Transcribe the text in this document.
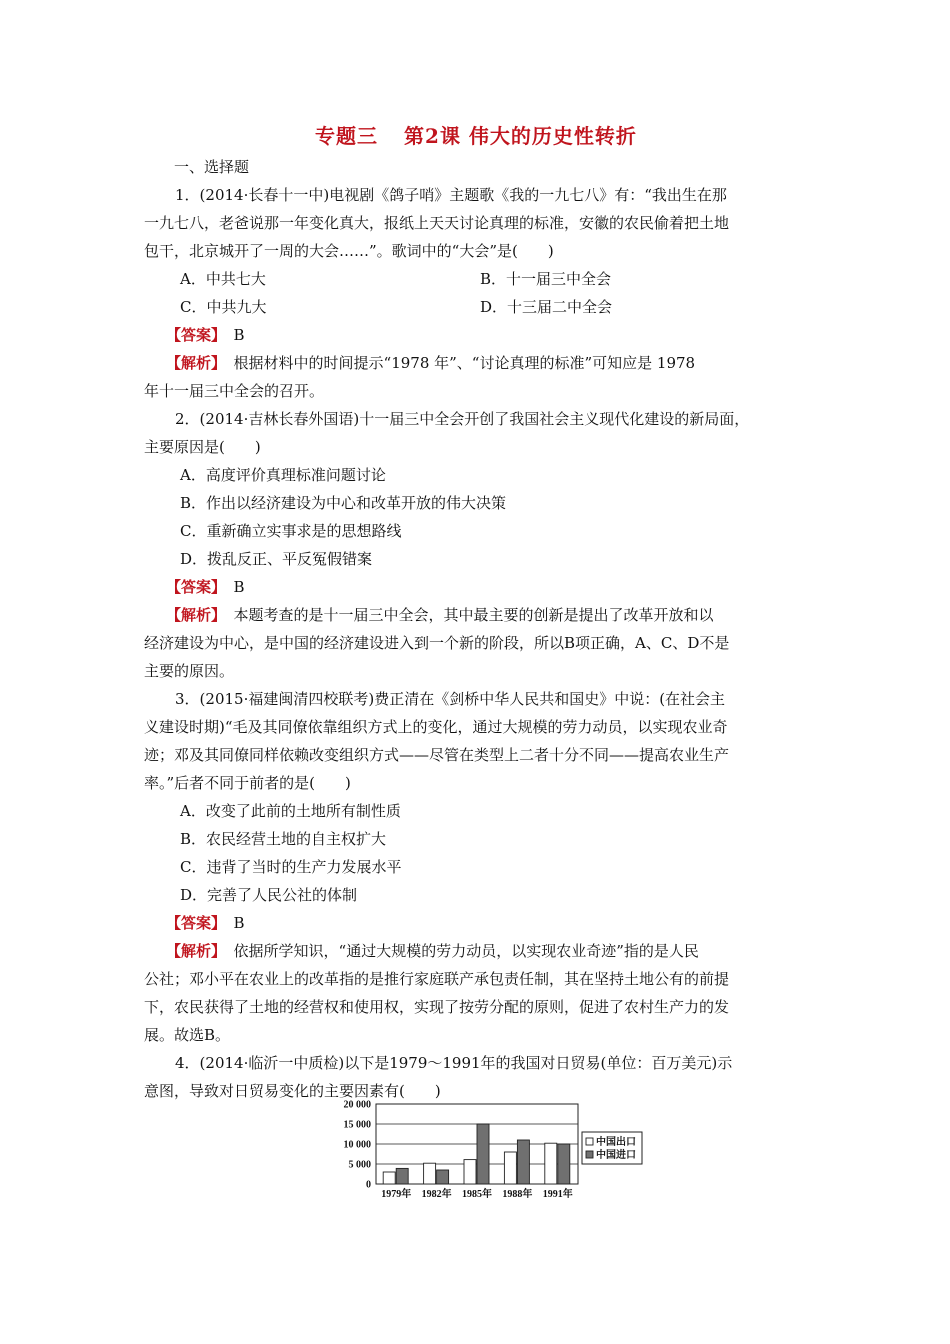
专题三 第2课 伟大的历史性转折

一、选择题

1．(2014·长春十一中)电视剧《鸽子哨》主题歌《我的一九七八》有：“我出生在那

一九七八，老爸说那一年变化真大，报纸上天天讨论真理的标准，安徽的农民偷着把土地

包干，北京城开了一周的大会……”。歌词中的“大会”是(　　)

A．中共七大	B．十一届三中全会
C．中共九大	D．十三届二中全会

【答案】　 B

【解析】　 根据材料中的时间提示“1978 年”、“讨论真理的标准”可知应是 1978

年十一届三中全会的召开。

2．(2014·吉林长春外国语)十一届三中全会开创了我国社会主义现代化建设的新局面，

主要原因是(　　)

A．高度评价真理标准问题讨论

B．作出以经济建设为中心和改革开放的伟大决策

C．重新确立实事求是的思想路线

D．拨乱反正、平反冤假错案

【答案】　 B

【解析】　 本题考查的是十一届三中全会，其中最主要的创新是提出了改革开放和以

经济建设为中心，是中国的经济建设进入到一个新的阶段，所以B项正确，A、C、D不是

主要的原因。

3．(2015·福建闽清四校联考)费正清在《剑桥中华人民共和国史》中说：(在社会主

义建设时期)“毛及其同僚依靠组织方式上的变化，通过大规模的劳力动员，以实现农业奇

迹；邓及其同僚同样依赖改变组织方式——尽管在类型上二者十分不同——提高农业生产

率。”后者不同于前者的是(　　)

A．改变了此前的土地所有制性质

B．农民经营土地的自主权扩大

C．违背了当时的生产力发展水平

D．完善了人民公社的体制

【答案】　 B

【解析】　 依据所学知识，“通过大规模的劳力动员，以实现农业奇迹”指的是人民

公社；邓小平在农业上的改革指的是推行家庭联产承包责任制，其在坚持土地公有的前提

下，农民获得了土地的经营权和使用权，实现了按劳分配的原则，促进了农村生产力的发

展。故选B。

4．(2014·临沂一中质检)以下是1979～1991年的我国对日贸易(单位：百万美元)示

意图，导致对日贸易变化的主要因素有(　　)

20 000
15 000
10 000
5 000
0
1979年 1982年 1985年 1988年 1991年
中国出口
中国进口
